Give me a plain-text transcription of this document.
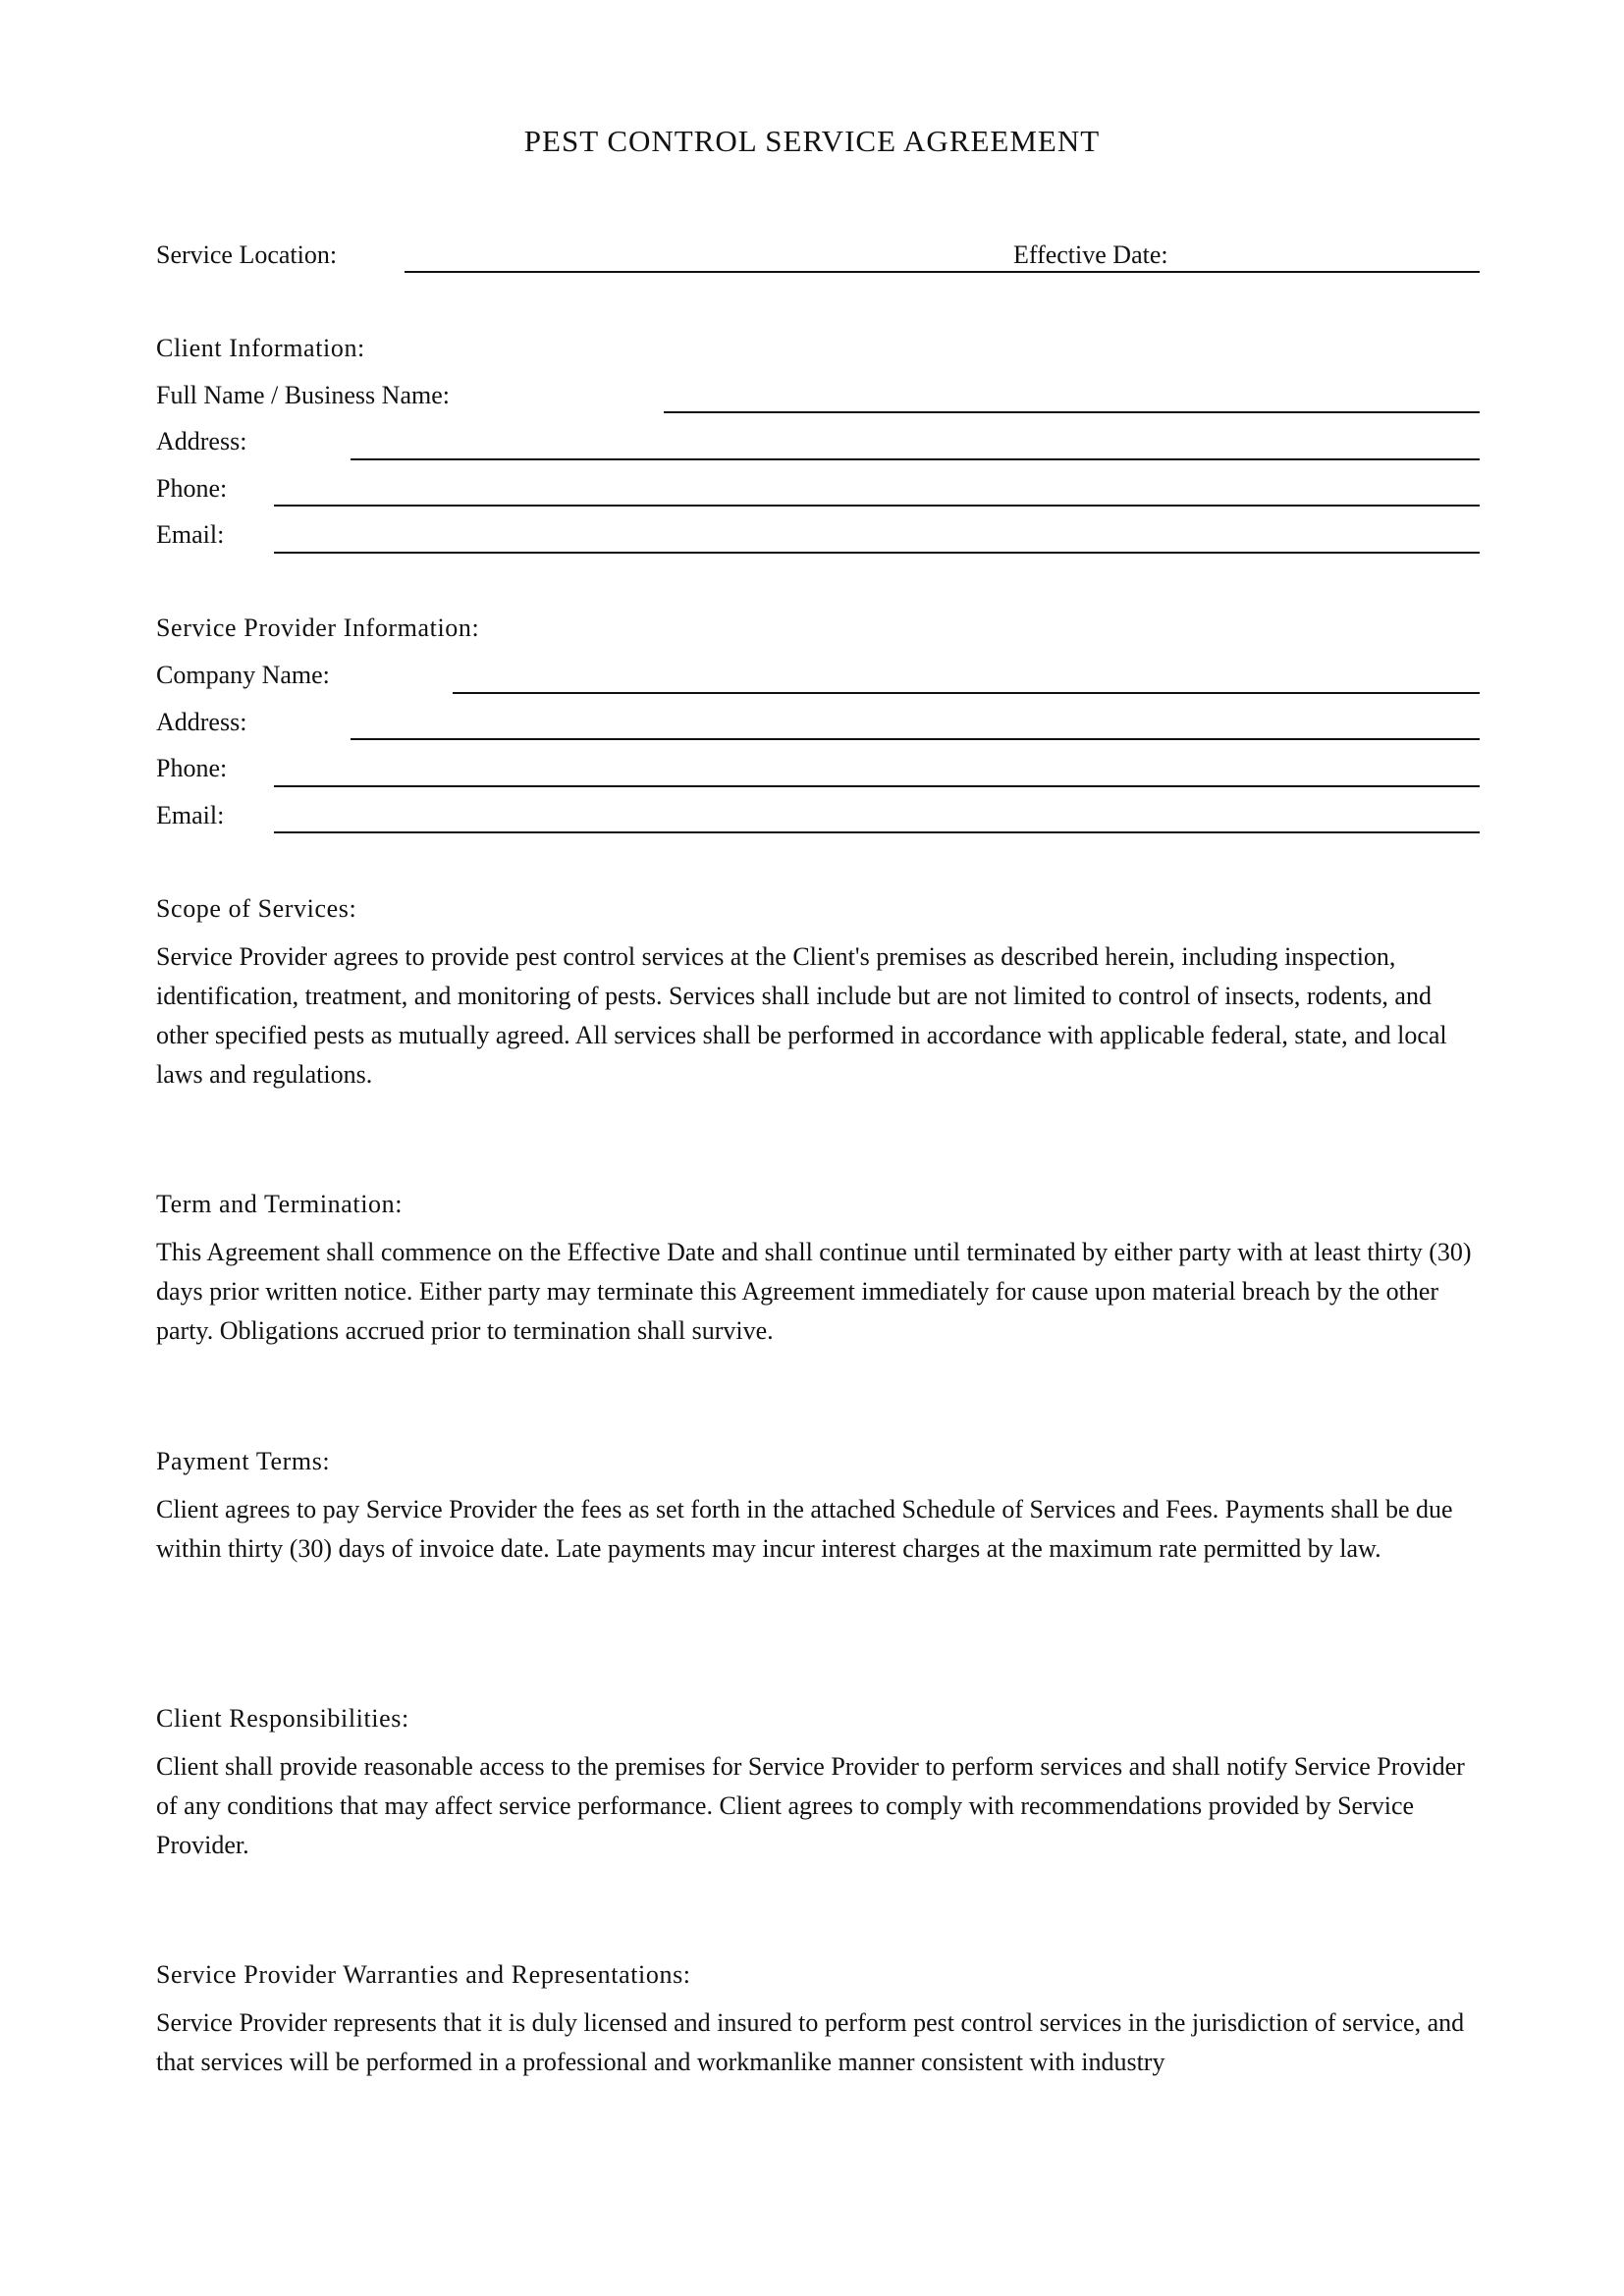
PEST CONTROL SERVICE AGREEMENT
Service Location:	Effective Date:
Client Information:
Full Name / Business Name:
Address:
Phone:
Email:
Service Provider Information:
Company Name:
Address:
Phone:
Email:
Scope of Services:
Service Provider agrees to provide pest control services at the Client's premises as described herein, including inspection, identification, treatment, and monitoring of pests. Services shall include but are not limited to control of insects, rodents, and other specified pests as mutually agreed. All services shall be performed in accordance with applicable federal, state, and local laws and regulations.
Term and Termination:
This Agreement shall commence on the Effective Date and shall continue until terminated by either party with at least thirty (30) days prior written notice. Either party may terminate this Agreement immediately for cause upon material breach by the other party. Obligations accrued prior to termination shall survive.
Payment Terms:
Client agrees to pay Service Provider the fees as set forth in the attached Schedule of Services and Fees. Payments shall be due within thirty (30) days of invoice date. Late payments may incur interest charges at the maximum rate permitted by law.
Client Responsibilities:
Client shall provide reasonable access to the premises for Service Provider to perform services and shall notify Service Provider of any conditions that may affect service performance. Client agrees to comply with recommendations provided by Service Provider.
Service Provider Warranties and Representations:
Service Provider represents that it is duly licensed and insured to perform pest control services in the jurisdiction of service, and that services will be performed in a professional and workmanlike manner consistent with industry
